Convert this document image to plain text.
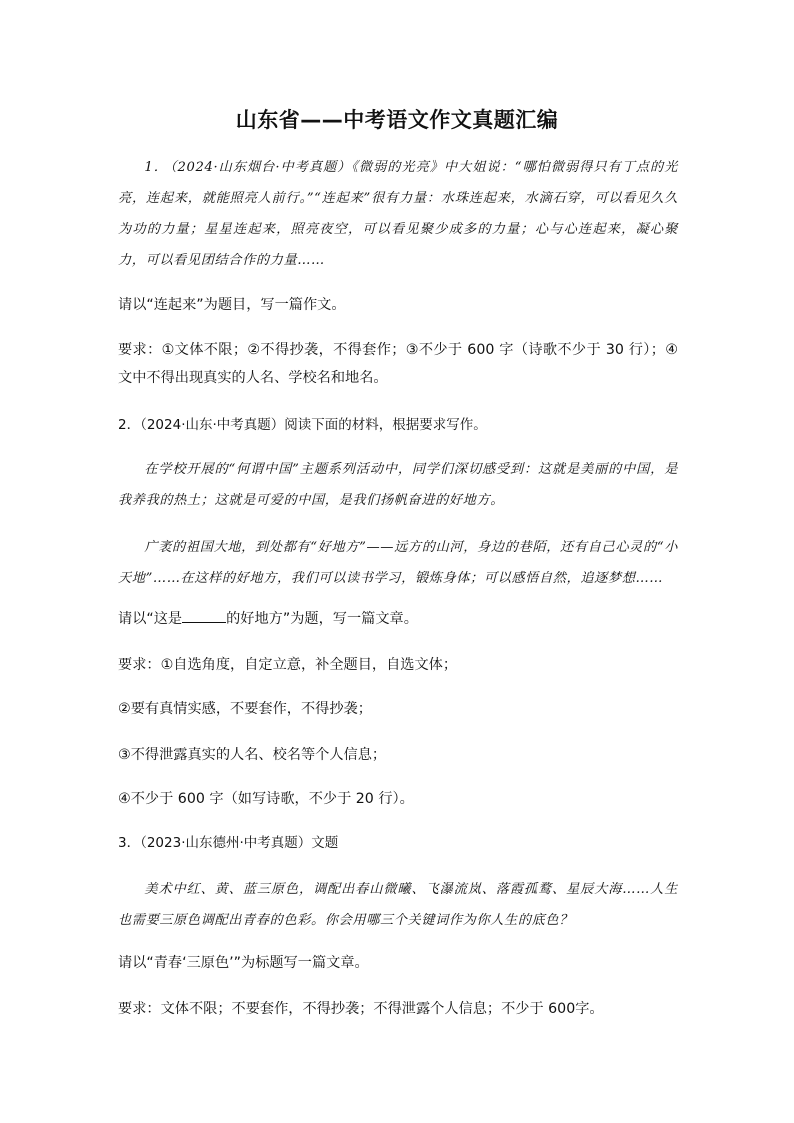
山东省——中考语文作文真题汇编
1． （2024·山东烟台·中考真题）《微弱的光亮》中大姐说：“哪怕微弱得只有丁点的光亮，连起来，就能照亮人前行。”“连起来”很有力量：水珠连起来，水滴石穿，可以看见久久为功的力量；星星连起来，照亮夜空，可以看见聚少成多的力量；心与心连起来，凝心聚力，可以看见团结合作的力量……
请以“连起来”为题目，写一篇作文。
要求：①文体不限；②不得抄袭，不得套作；③不少于 600 字（诗歌不少于 30 行）；④文中不得出现真实的人名、学校名和地名。
2．（2024·山东·中考真题）阅读下面的材料，根据要求写作。
在学校开展的“何谓中国”主题系列活动中，同学们深切感受到：这就是美丽的中国，是我养我的热土；这就是可爱的中国，是我们扬帆奋进的好地方。
广袤的祖国大地，到处都有“好地方”——远方的山河，身边的巷陌，还有自己心灵的“小天地”……在这样的好地方，我们可以读书学习，锻炼身体；可以感悟自然，追逐梦想……
请以“这是	的好地方”为题，写一篇文章。
要求：①自选角度，自定立意，补全题目，自选文体；
②要有真情实感，不要套作，不得抄袭；
③不得泄露真实的人名、校名等个人信息；
④不少于 600 字（如写诗歌，不少于 20 行）。
3．（2023·山东德州·中考真题）文题
美术中红、黄、蓝三原色，调配出春山微曦、飞瀑流岚、落霞孤鹜、星辰大海……人生也需要三原色调配出青春的色彩。你会用哪三个关键词作为你人生的底色？
请以“青春‘三原色’”为标题写一篇文章。
要求：文体不限；不要套作，不得抄袭；不得泄露个人信息；不少于 600字。
